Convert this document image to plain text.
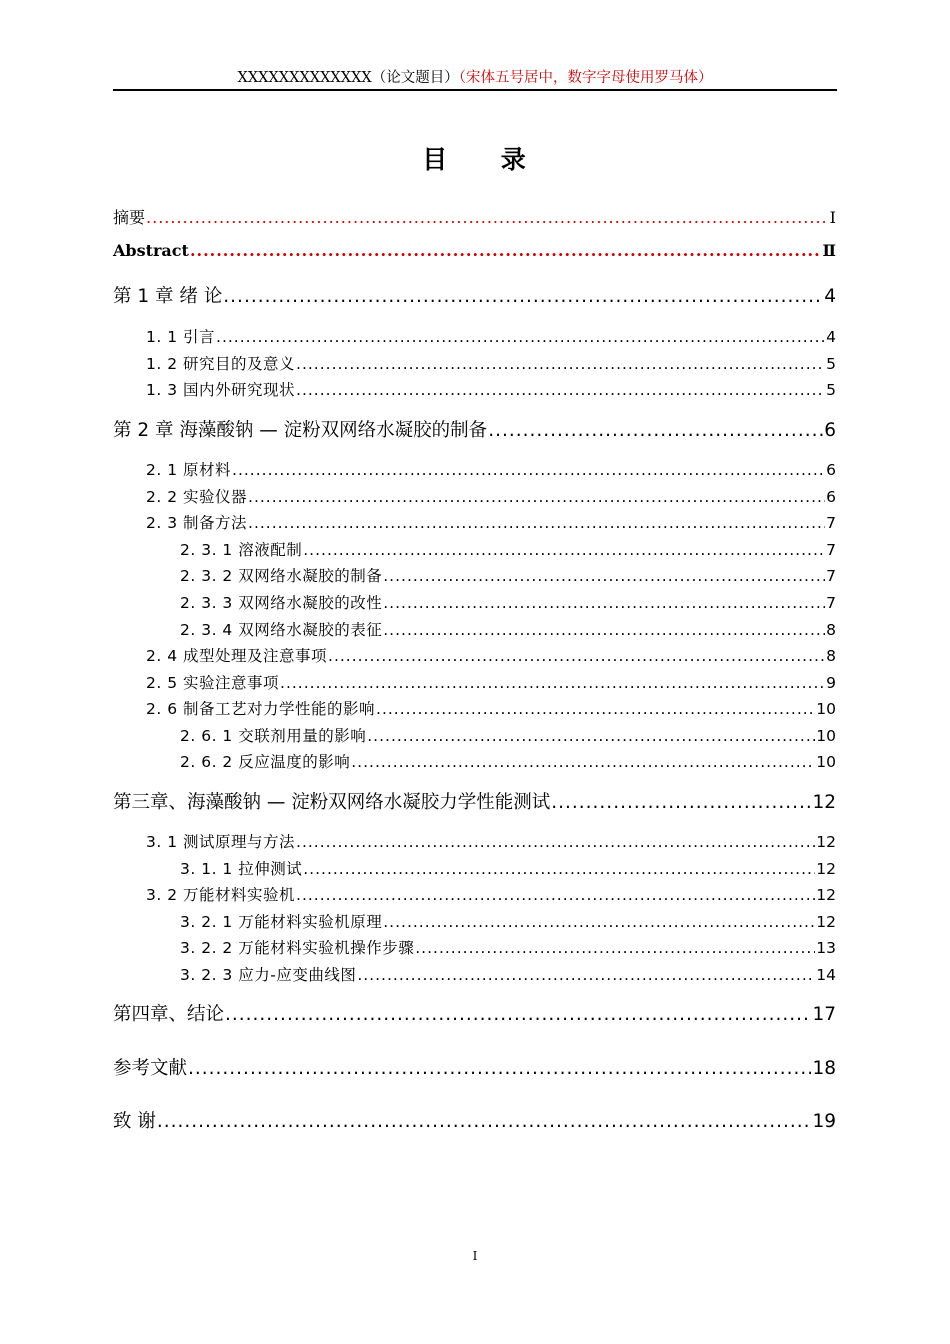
XXXXXXXXXXXXX（论文题目）（宋体五号居中，数字字母使用罗马体）
目 录
摘要 .....	Ⅰ
Abstract .....	Ⅱ
第 1 章 绪 论 .....	4
1. 1 引言 .....	4
1. 2 研究目的及意义 .....	5
1. 3 国内外研究现状 .....	5
第 2 章 海藻酸钠 — 淀粉双网络水凝胶的制备 .....	6
2. 1 原材料 .....	6
2. 2 实验仪器 .....	6
2. 3 制备方法 .....	7
2. 3. 1 溶液配制 .....	7
2. 3. 2 双网络水凝胶的制备 .....	7
2. 3. 3 双网络水凝胶的改性 .....	7
2. 3. 4 双网络水凝胶的表征 .....	8
2. 4 成型处理及注意事项 .....	8
2. 5 实验注意事项 .....	9
2. 6 制备工艺对力学性能的影响 .....	10
2. 6. 1 交联剂用量的影响 .....	10
2. 6. 2 反应温度的影响 .....	10
第三章、海藻酸钠 — 淀粉双网络水凝胶力学性能测试 .....	12
3. 1 测试原理与方法 .....	12
3. 1. 1 拉伸测试 .....	12
3. 2 万能材料实验机 .....	12
3. 2. 1 万能材料实验机原理 .....	12
3. 2. 2 万能材料实验机操作步骤 .....	13
3. 2. 3 应力-应变曲线图 .....	14
第四章、结论 .....	17
参考文献 .....	18
致 谢 .....	19
I
